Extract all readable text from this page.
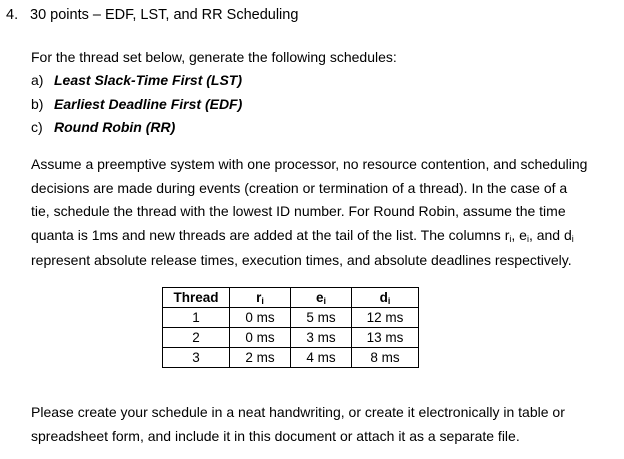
4. 30 points – EDF, LST, and RR Scheduling
For the thread set below, generate the following schedules:
a) Least Slack-Time First (LST)
b) Earliest Deadline First (EDF)
c) Round Robin (RR)

Assume a preemptive system with one processor, no resource contention, and scheduling
decisions are made during events (creation or termination of a thread). In the case of a
tie, schedule the thread with the lowest ID number. For Round Robin, assume the time
quanta is 1ms and new threads are added at the tail of the list. The columns $r_i$, $e_i$, and $d_i$
represent absolute release times, execution times, and absolute deadlines respectively.

Thread	$r_i$	$e_i$	$d_i$
1	0 ms	5 ms	12 ms
2	0 ms	3 ms	13 ms
3	2 ms	4 ms	8 ms

Please create your schedule in a neat handwriting, or create it electronically in table or
spreadsheet form, and include it in this document or attach it as a separate file.
